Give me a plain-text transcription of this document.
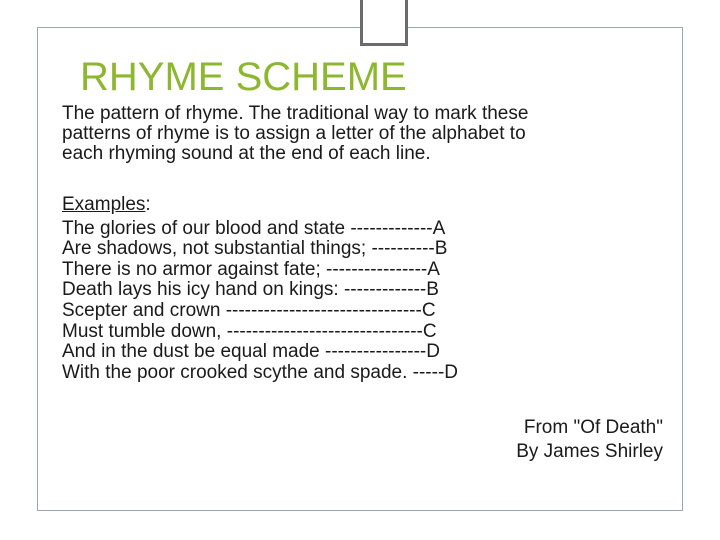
RHYME SCHEME
The pattern of rhyme. The traditional way to mark these
patterns of rhyme is to assign a letter of the alphabet to
each rhyming sound at the end of each line.
Examples:
The glories of our blood and state -------------A
Are shadows, not substantial things; ----------B
There is no armor against fate; ----------------A
Death lays his icy hand on kings: -------------B
Scepter and crown -------------------------------C
Must tumble down, -------------------------------C
And in the dust be equal made ----------------D
With the poor crooked scythe and spade. -----D
From "Of Death"
By James Shirley
